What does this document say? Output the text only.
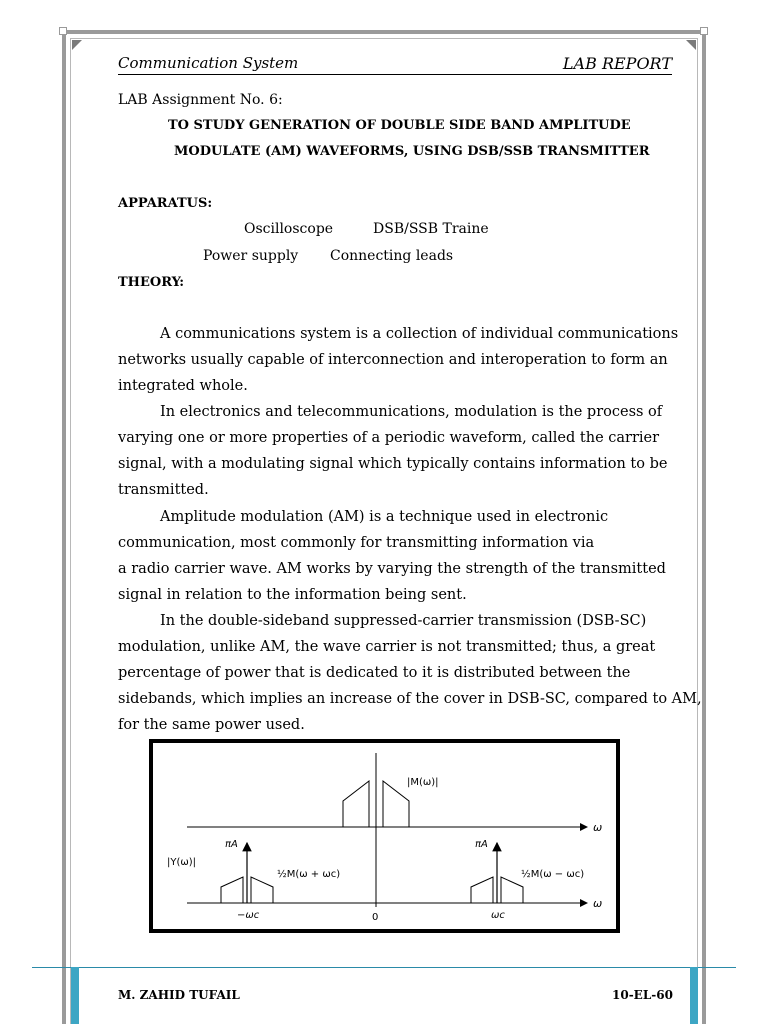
Communication System	LAB REPORT
LAB Assignment No. 6:
TO STUDY GENERATION OF DOUBLE SIDE BAND AMPLITUDE
MODULATE (AM) WAVEFORMS, USING DSB/SSB TRANSMITTER
APPARATUS:
Oscilloscope	DSB/SSB Traine
Power supply Connecting leads
THEORY:
A communications system is a collection of individual communications
networks usually capable of interconnection and interoperation to form an
integrated whole.
In electronics and telecommunications, modulation is the process of
varying one or more properties of a periodic waveform, called the carrier
signal, with a modulating signal which typically contains information to be
transmitted.
Amplitude modulation (AM) is a technique used in electronic
communication, most commonly for transmitting information via
a radio carrier wave. AM works by varying the strength of the transmitted
signal in relation to the information being sent.
In the double-sideband suppressed-carrier transmission (DSB-SC)
modulation, unlike AM, the wave carrier is not transmitted; thus, a great
percentage of power that is dedicated to it is distributed between the
sidebands, which implies an increase of the cover in DSB-SC, compared to AM,
for the same power used.
|M(ω)|
ω
ω
|Y(ω)|
πA	πA
½M(ω + ωc)	½M(ω − ωc)
−ωc	0	ωc
M. ZAHID TUFAIL	10-EL-60
